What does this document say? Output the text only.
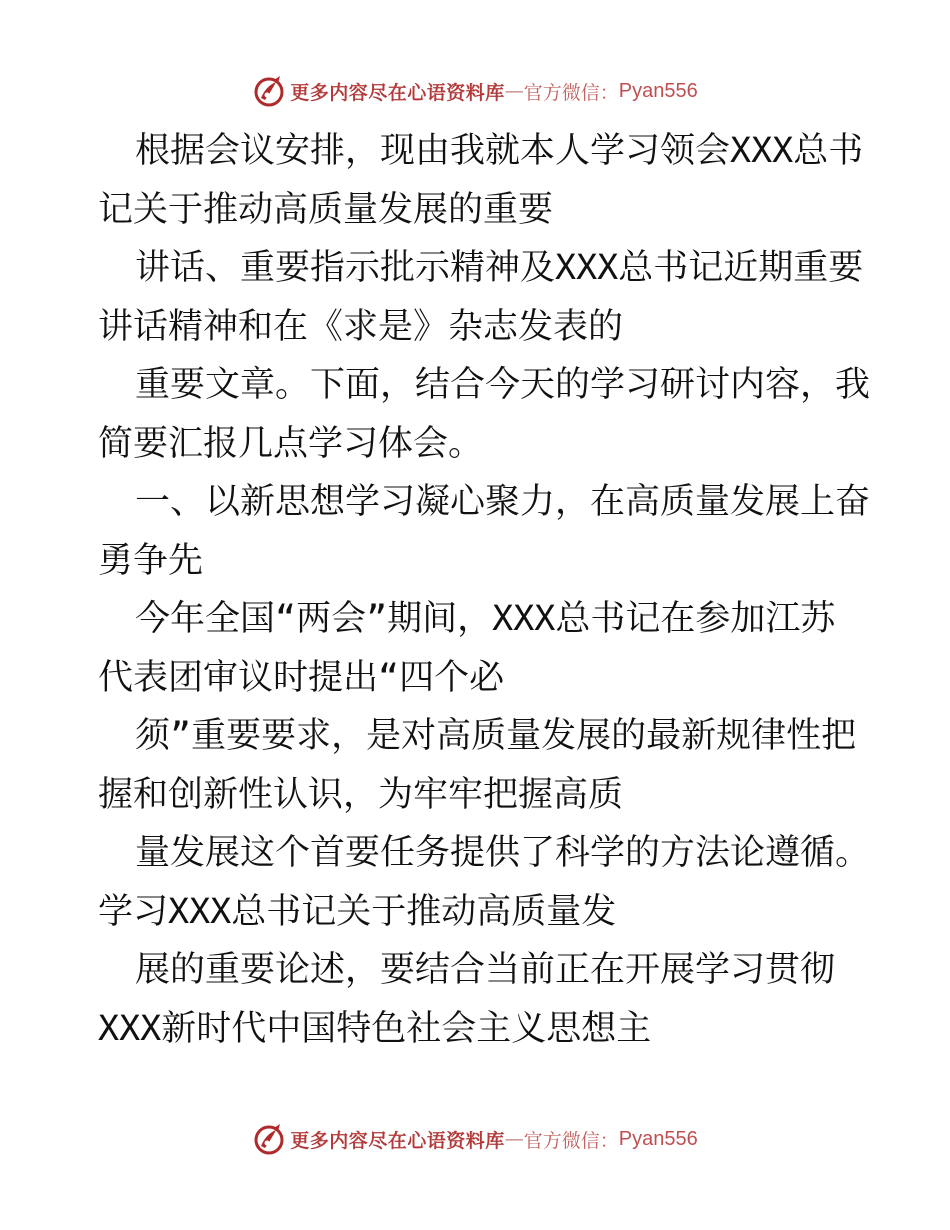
更多内容尽在心语资料库 — 官方微信： Pyan556
根据会议安排，现由我就本人学习领会XXX总书
记关于推动高质量发展的重要
讲话、重要指示批示精神及XXX总书记近期重要
讲话精神和在《求是》杂志发表的
重要文章。下面，结合今天的学习研讨内容，我
简要汇报几点学习体会。
一、以新思想学习凝心聚力，在高质量发展上奋
勇争先
今年全国“两会”期间，XXX总书记在参加江苏
代表团审议时提出“四个必
须”重要要求，是对高质量发展的最新规律性把
握和创新性认识，为牢牢把握高质
量发展这个首要任务提供了科学的方法论遵循。
学习XXX总书记关于推动高质量发
展的重要论述，要结合当前正在开展学习贯彻
XXX新时代中国特色社会主义思想主
更多内容尽在心语资料库 — 官方微信： Pyan556
